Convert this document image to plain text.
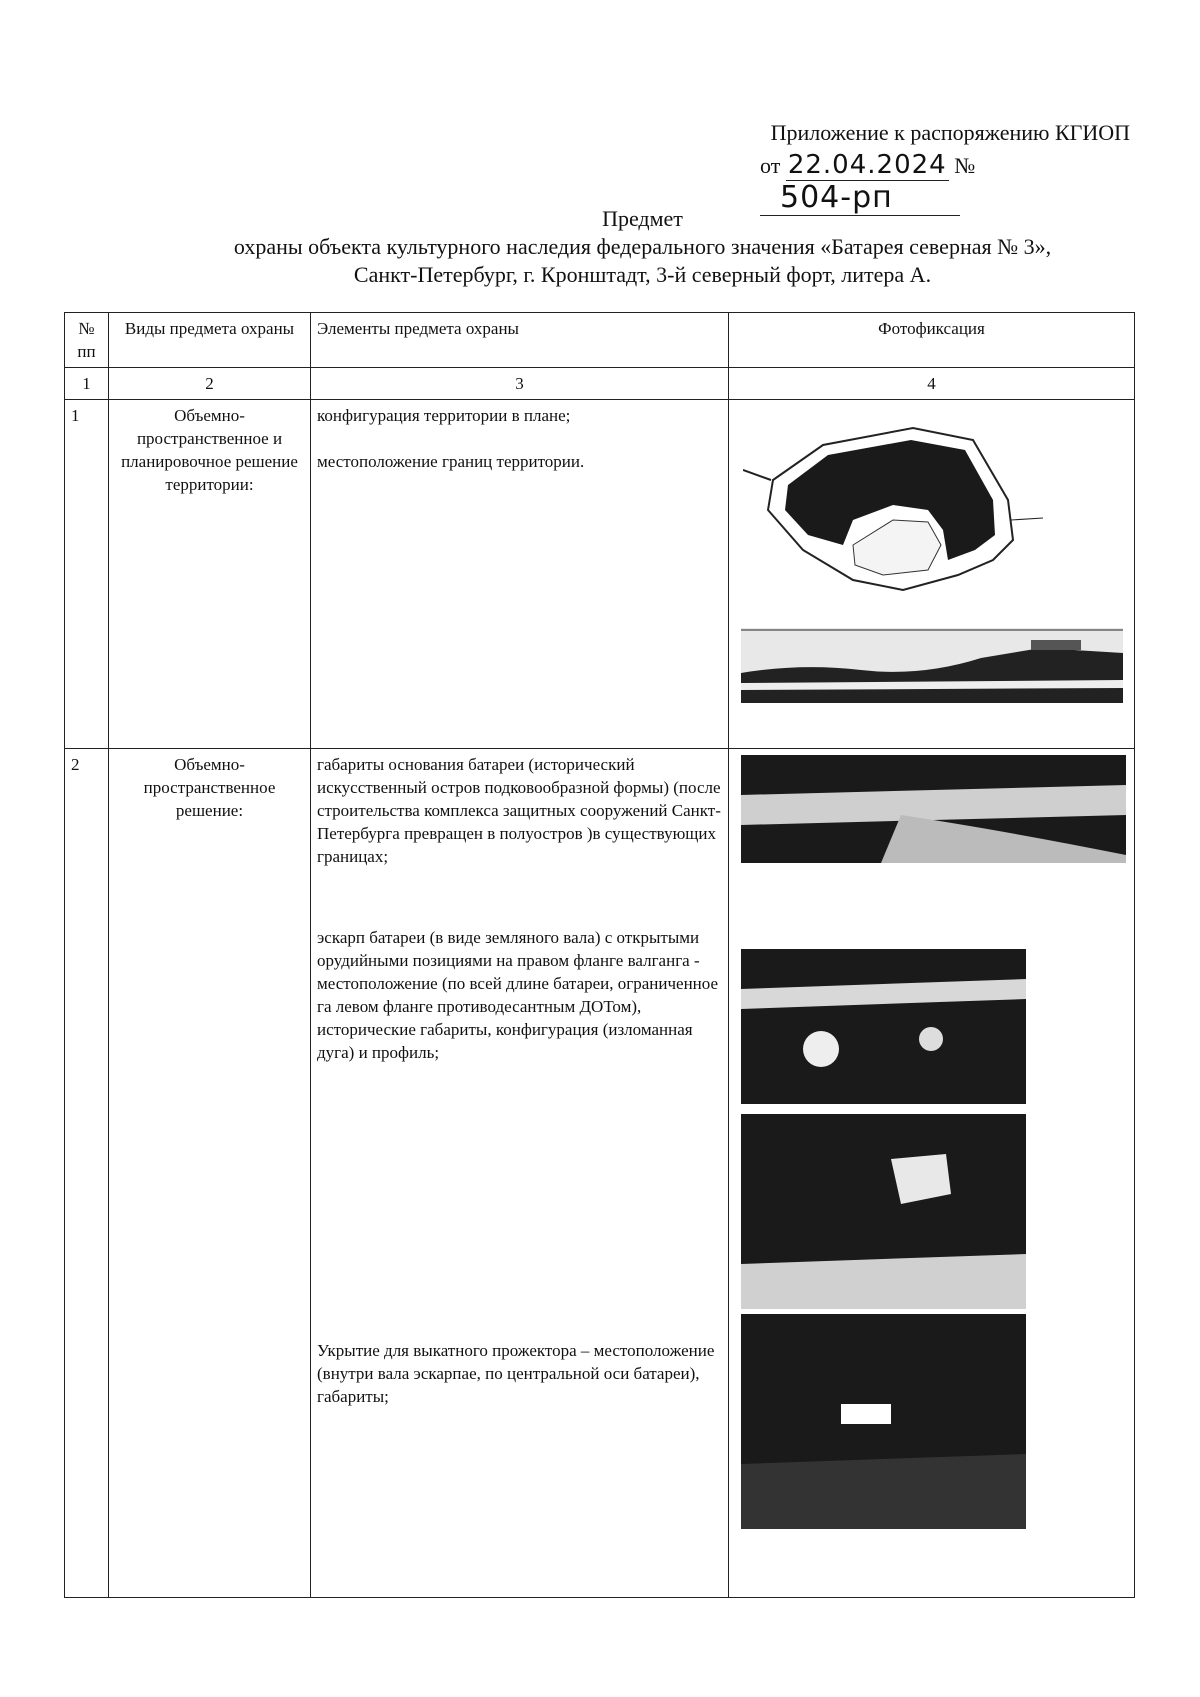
Приложение к распоряжению КГИОП
от 22.04.2024 № 504-рп
Предмет
охраны объекта культурного наследия федерального значения «Батарея северная № 3»,
Санкт-Петербург, г. Кронштадт, 3-й северный форт, литера А.
№ пп	Виды предмета охраны	Элементы предмета охраны	Фотофиксация
1	2	3	4
1	Объемно-пространственное и планировочное решение территории:	конфигурация территории в плане;

местоположение границ территории.

2	Объемно-пространственное решение:	габариты основания батареи (исторический искусственный остров подковообразной формы) (после строительства комплекса защитных сооружений Санкт-Петербурга превращен в полуостров )в существующих границах;

эскарп батареи (в виде земляного вала) с открытыми орудийными позициями на правом фланге валганга - местоположение (по всей длине батареи, ограниченное га левом фланге противодесантным ДОТом), исторические габариты, конфигурация (изломанная дуга) и профиль;

Укрытие для выкатного прожектора – местоположение (внутри вала эскарпае, по центральной оси батареи), габариты;
